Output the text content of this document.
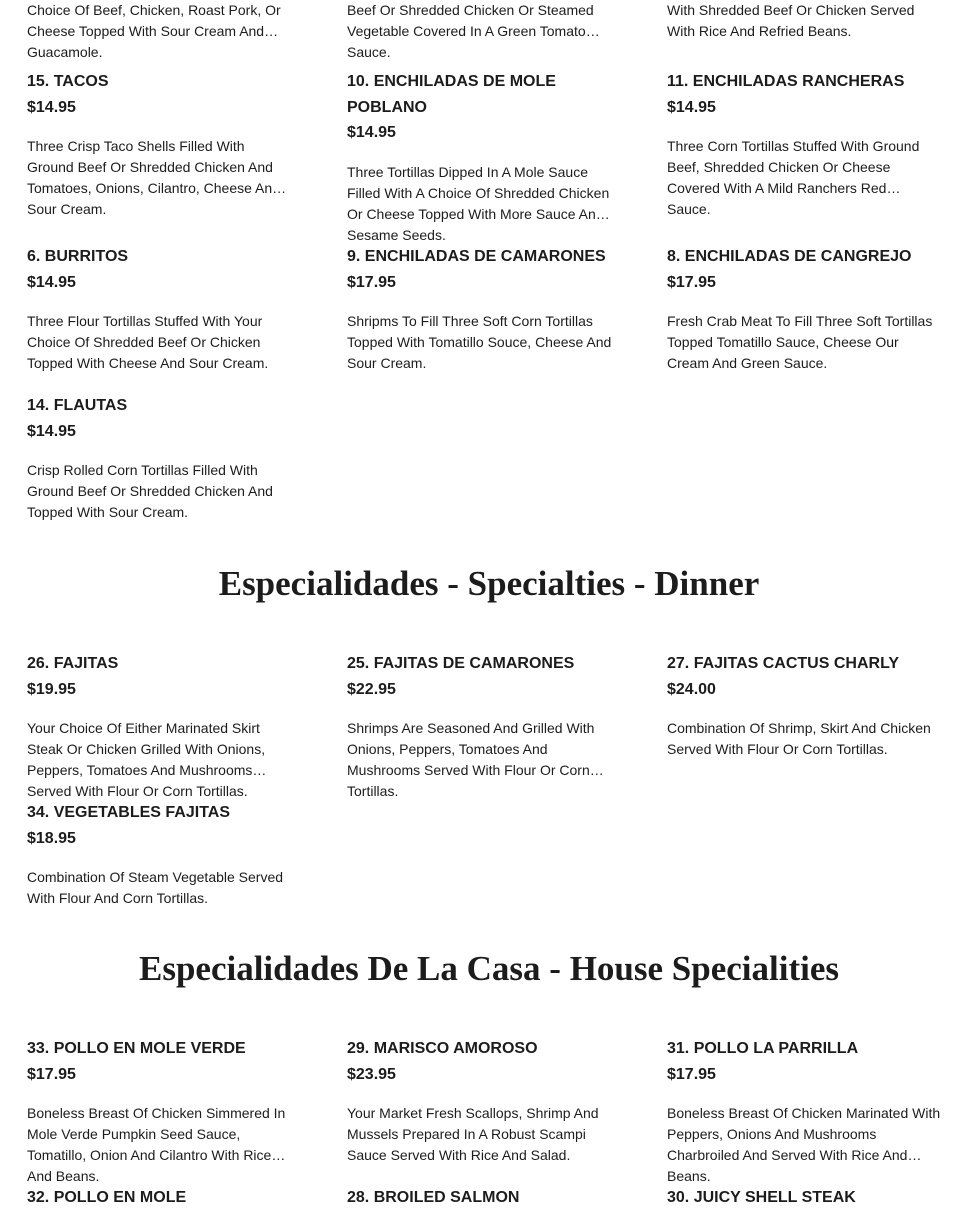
Choice Of Beef, Chicken, Roast Pork, Or Cheese Topped With Sour Cream And Guacamole.

Beef Or Shredded Chicken Or Steamed Vegetable Covered In A Green Tomato Sauce.

With Shredded Beef Or Chicken Served With Rice And Refried Beans.

15. TACOS

$14.95

Three Crisp Taco Shells Filled With Ground Beef Or Shredded Chicken And Tomatoes, Onions, Cilantro, Cheese And Sour Cream.

10. ENCHILADAS DE MOLE POBLANO

$14.95

Three Tortillas Dipped In A Mole Sauce Filled With A Choice Of Shredded Chicken Or Cheese Topped With More Sauce And Sesame Seeds.

11. ENCHILADAS RANCHERAS

$14.95

Three Corn Tortillas Stuffed With Ground Beef, Shredded Chicken Or Cheese Covered With A Mild Ranchers Red Sauce.

6. BURRITOS

$14.95

Three Flour Tortillas Stuffed With Your Choice Of Shredded Beef Or Chicken Topped With Cheese And Sour Cream.

9. ENCHILADAS DE CAMARONES

$17.95

Shripms To Fill Three Soft Corn Tortillas Topped With Tomatillo Souce, Cheese And Sour Cream.

8. ENCHILADAS DE CANGREJO

$17.95

Fresh Crab Meat To Fill Three Soft Tortillas Topped Tomatillo Sauce, Cheese Our Cream And Green Sauce.

14. FLAUTAS

$14.95

Crisp Rolled Corn Tortillas Filled With Ground Beef Or Shredded Chicken And Topped With Sour Cream.

Especialidades - Specialties - Dinner

26. FAJITAS

$19.95

Your Choice Of Either Marinated Skirt Steak Or Chicken Grilled With Onions, Peppers, Tomatoes And Mushrooms Served With Flour Or Corn Tortillas.

25. FAJITAS DE CAMARONES

$22.95

Shrimps Are Seasoned And Grilled With Onions, Peppers, Tomatoes And Mushrooms Served With Flour Or Corn Tortillas.

27. FAJITAS CACTUS CHARLY

$24.00

Combination Of Shrimp, Skirt And Chicken Served With Flour Or Corn Tortillas.

34. VEGETABLES FAJITAS

$18.95

Combination Of Steam Vegetable Served With Flour And Corn Tortillas.

Especialidades De La Casa - House Specialities

33. POLLO EN MOLE VERDE

$17.95

Boneless Breast Of Chicken Simmered In Mole Verde Pumpkin Seed Sauce, Tomatillo, Onion And Cilantro With Rice And Beans.

29. MARISCO AMOROSO

$23.95

Your Market Fresh Scallops, Shrimp And Mussels Prepared In A Robust Scampi Sauce Served With Rice And Salad.

31. POLLO LA PARRILLA

$17.95

Boneless Breast Of Chicken Marinated With Peppers, Onions And Mushrooms Charbroiled And Served With Rice And Beans.

32. POLLO EN MOLE	28. BROILED SALMON	30. JUICY SHELL STEAK
